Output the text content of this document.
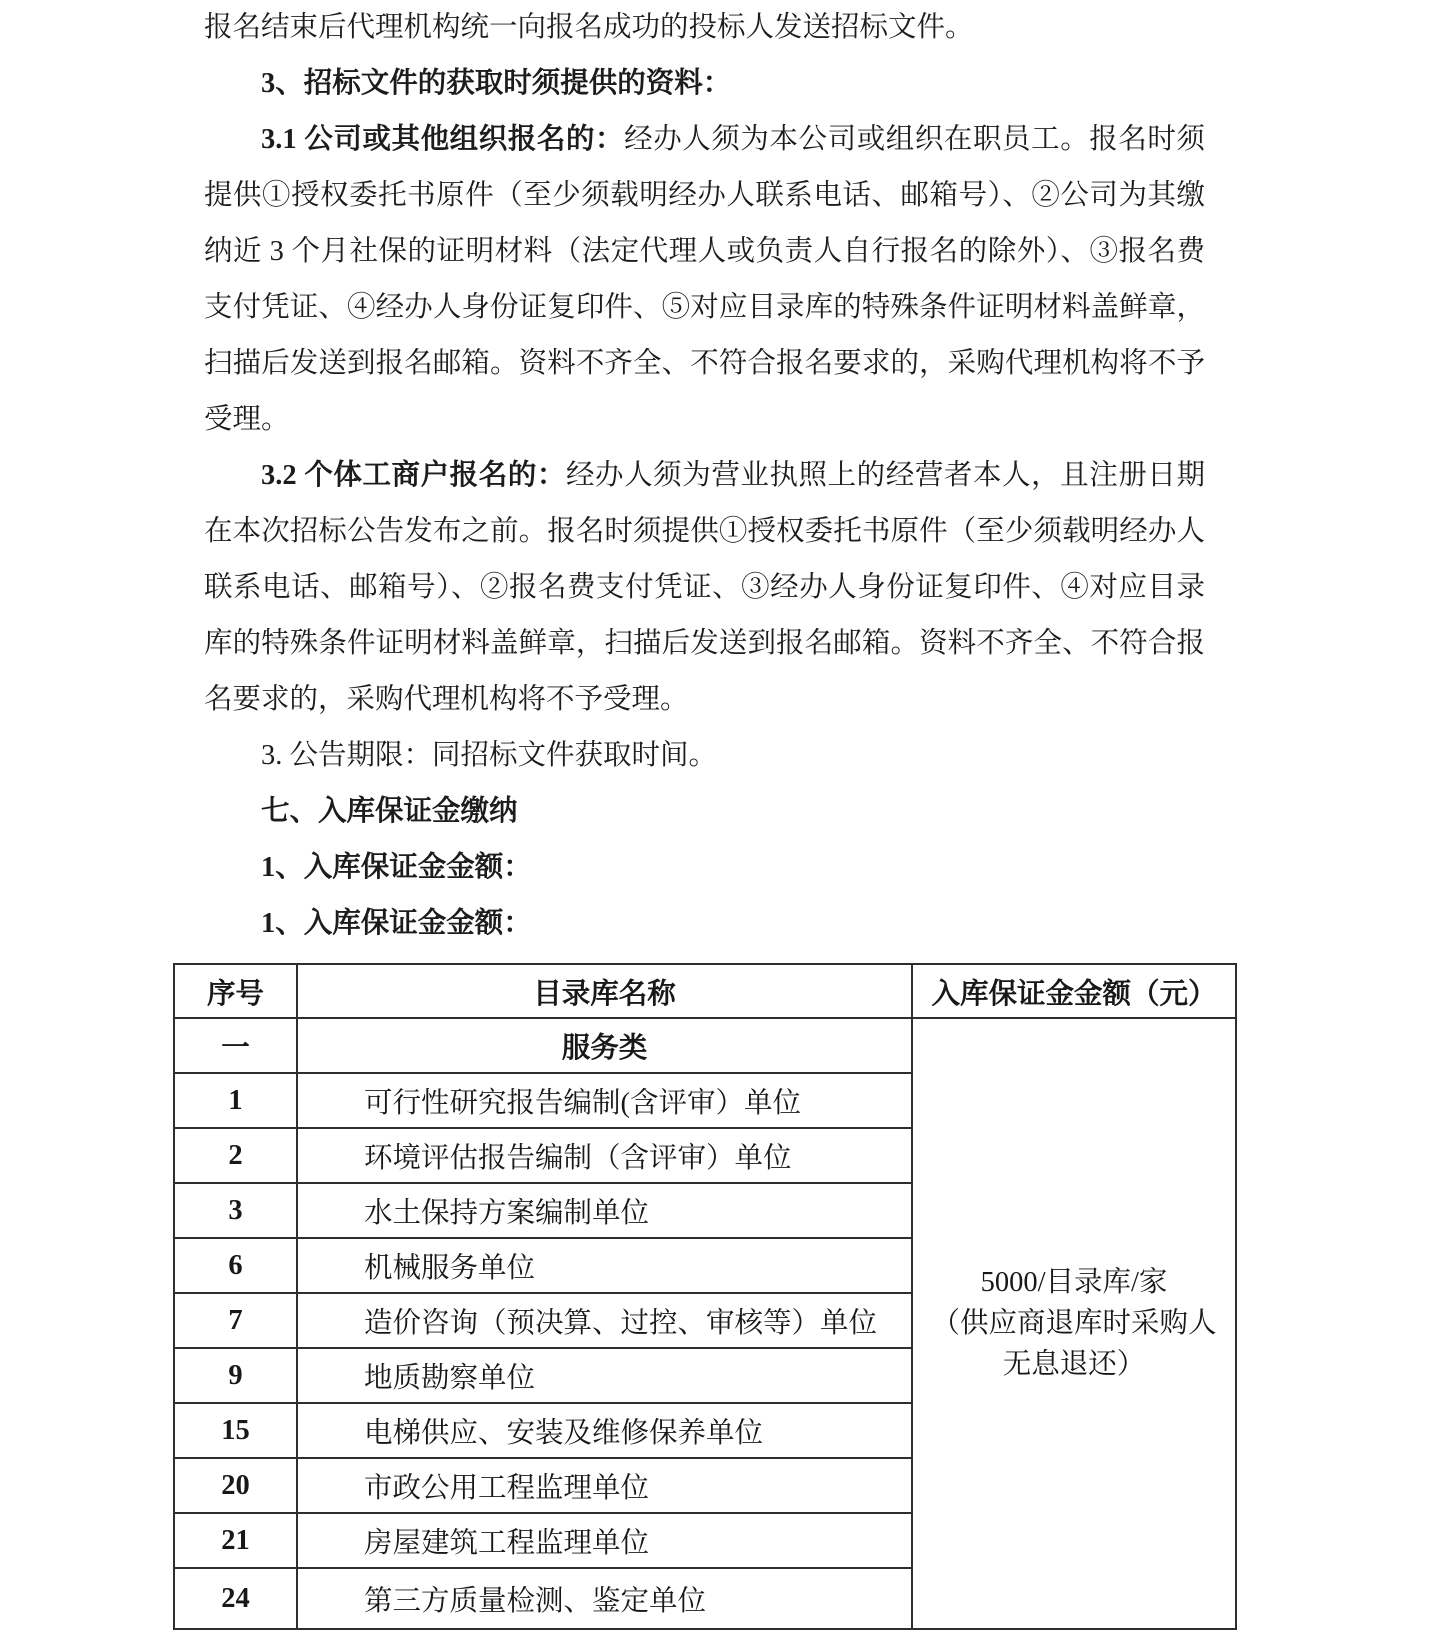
报名结束后代理机构统一向报名成功的投标人发送招标文件。
3、招标文件的获取时须提供的资料：
3.1 公司或其他组织报名的：经办人须为本公司或组织在职员工。报名时须
提供①授权委托书原件（至少须载明经办人联系电话、邮箱号）、②公司为其缴
纳近 3 个月社保的证明材料（法定代理人或负责人自行报名的除外）、③报名费
支付凭证、④经办人身份证复印件、⑤对应目录库的特殊条件证明材料盖鲜章，
扫描后发送到报名邮箱。资料不齐全、不符合报名要求的，采购代理机构将不予
受理。
3.2 个体工商户报名的：经办人须为营业执照上的经营者本人，且注册日期
在本次招标公告发布之前。报名时须提供①授权委托书原件（至少须载明经办人
联系电话、邮箱号）、②报名费支付凭证、③经办人身份证复印件、④对应目录
库的特殊条件证明材料盖鲜章，扫描后发送到报名邮箱。资料不齐全、不符合报
名要求的，采购代理机构将不予受理。
3. 公告期限：同招标文件获取时间。
七、入库保证金缴纳
1、入库保证金金额：
1、入库保证金金额：
序号	目录库名称	入库保证金金额（元）
一	服务类	5000/目录库/家
（供应商退库时采购人
无息退还）

1	可行性研究报告编制(含评审）单位	
2	环境评估报告编制（含评审）单位	
3	水土保持方案编制单位	
6	机械服务单位	
7	造价咨询（预决算、过控、审核等）单位	
9	地质勘察单位	
15	电梯供应、安装及维修保养单位	
20	市政公用工程监理单位	
21	房屋建筑工程监理单位	
24	第三方质量检测、鉴定单位	
